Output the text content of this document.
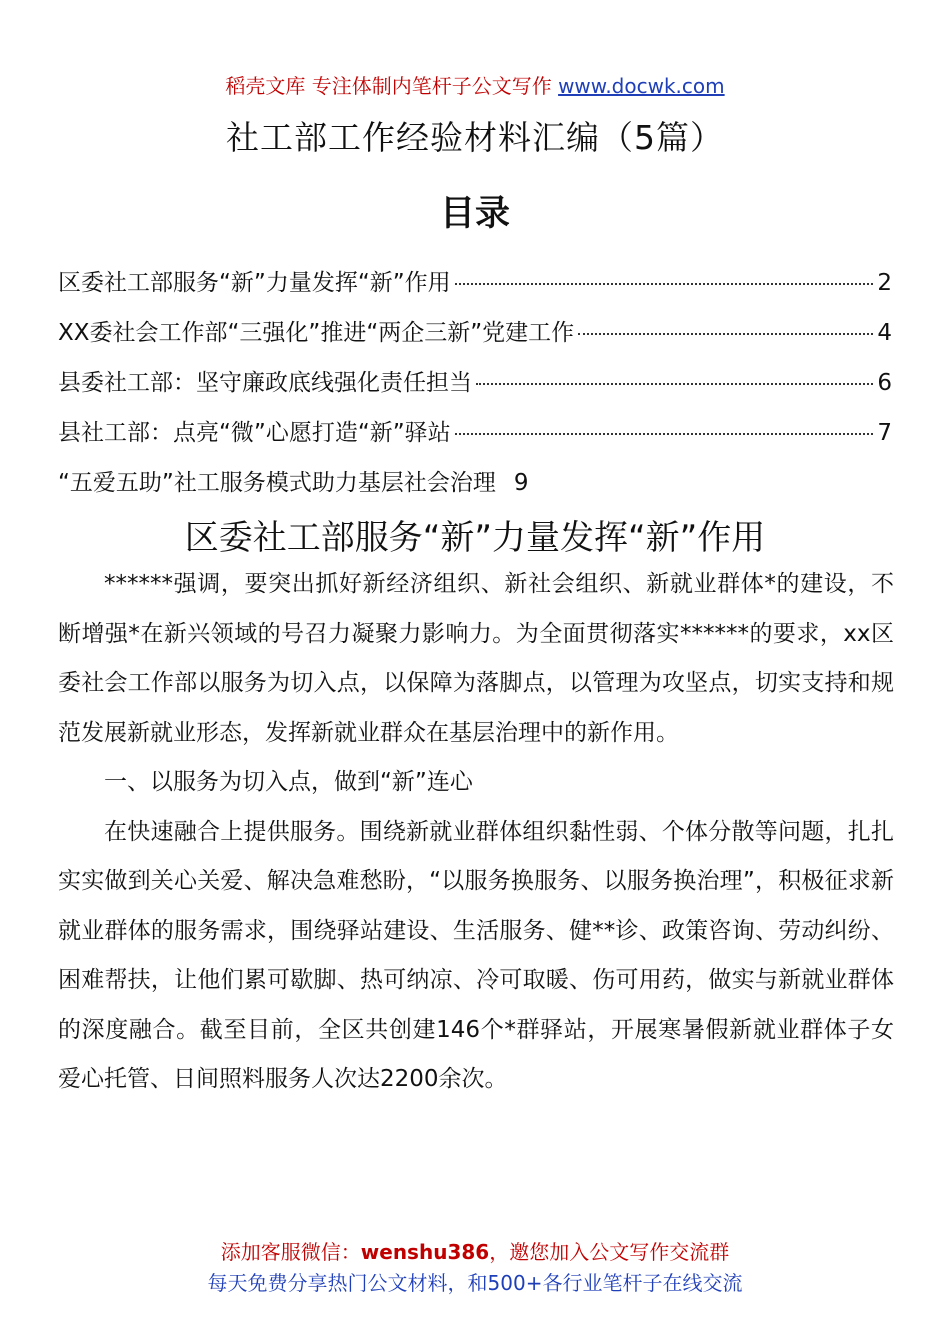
稻壳文库 专注体制内笔杆子公文写作 www.docwk.com
社工部工作经验材料汇编（5篇）
目录
区委社工部服务“新”力量发挥“新”作用	2
XX委社会工作部“三强化”推进“两企三新”党建工作	4
县委社工部：坚守廉政底线强化责任担当	6
县社工部：点亮“微”心愿打造“新”驿站	7
“五爱五助”社工服务模式助力基层社会治理 9
区委社工部服务“新”力量发挥“新”作用

******强调，要突出抓好新经济组织、新社会组织、新就业群体*的建设，不断增强*在新兴领域的号召力凝聚力影响力。为全面贯彻落实******的要求，xx区委社会工作部以服务为切入点，以保障为落脚点，以管理为攻坚点，切实支持和规范发展新就业形态，发挥新就业群众在基层治理中的新作用。

一、以服务为切入点，做到“新”连心

在快速融合上提供服务。围绕新就业群体组织黏性弱、个体分散等问题，扎扎实实做到关心关爱、解决急难愁盼，“以服务换服务、以服务换治理”，积极征求新就业群体的服务需求，围绕驿站建设、生活服务、健**诊、政策咨询、劳动纠纷、困难帮扶，让他们累可歇脚、热可纳凉、冷可取暖、伤可用药，做实与新就业群体的深度融合。截至目前，全区共创建146个*群驿站，开展寒暑假新就业群体子女爱心托管、日间照料服务人次达2200余次。

添加客服微信：wenshu386，邀您加入公文写作交流群
每天免费分享热门公文材料，和500+各行业笔杆子在线交流
